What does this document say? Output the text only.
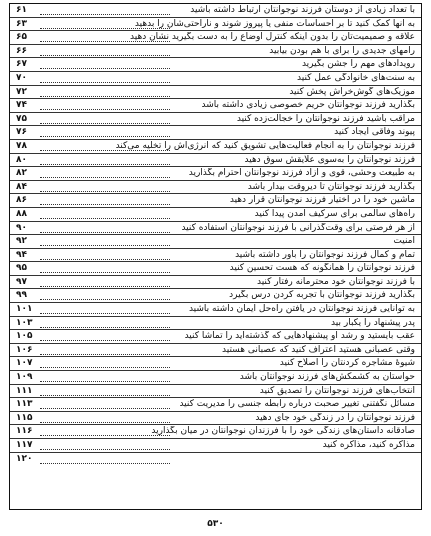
با تعداد زیادی از دوستان فرزند نوجوانتان ارتباط داشته باشید
۶۱
به آنها کمک کنید تا بر احساسات منفی یا پیروز شوند و ناراحتی‌شان را بدهید
۶۳
علاقه و صمیمیت‌تان را بدون اینکه کنترل اوضاع را به دست بگیرید نشان دهید
۶۵
رامهای جدیدی را برای با هم بودن بیابید
۶۶
رویدادهای مهم را جشن بگیرید
۶۷
به سنت‌های خانوادگی عمل کنید
۷۰
موزیک‌های گوش‌خراش پخش کنید
۷۲
بگذارید فرزند نوجوانتان حریم خصوصی زیادی داشته باشد
۷۴
مراقب باشید فرزند نوجوانتان را خجالت‌زده کنید
۷۵
پیوند وفاقی ایجاد کنید
۷۶
فرزند نوجوانتان را به انجام فعالیت‌هایی تشویق کنید که انرژی‌اش را تخلیه می‌کند
۷۸
فرزند نوجوانتان را به‌سوی علایقش سوق دهید
۸۰
به طبیعت وحشی، قوی و آزاد فرزند نوجوانتان احترام بگذارید
۸۲
بگذارید فرزند نوجوانتان تا دیروقت بیدار باشد
۸۴
ماشین خود را در اختیار فرزند نوجوانتان قرار دهید
۸۶
راه‌های سالمی برای سرکیف آمدن پیدا کنید
۸۸
از هر فرصتی برای وقت‌گذرانی با فرزند نوجوانتان استفاده کنید
۹۰
امنیت
۹۲
تمام و کمال فرزند نوجوانتان را باور داشته باشید
۹۴
فرزند نوجوانتان را همانگونه که هست تحسین کنید
۹۵
با فرزند نوجوانتان خود محترمانه رفتار کنید
۹۷
بگذارید فرزند نوجوانتان با تجربه کردن درس بگیرد
۹۹
به توانایی فرزند نوجوانتان در یافتن راه‌حل ایمان داشته باشید
۱۰۱
پدر پیشنهاد را یکبار بید
۱۰۳
عقب بایستید و رشد او پیشنهادهایی که گذشته‌اید را تماشا کنید
۱۰۵
وقتی عصبانی هستید اعتراف کنید که عصبانی هستید
۱۰۶
شیوهٔ مشاجره کردنتان را اصلاح کنید
۱۰۷
حواستان به کشمکش‌های فرزند نوجوانتان باشد
۱۰۹
انتخاب‌های فرزند نوجوانتان را تصدیق کنید
۱۱۱
مسائل نگفتنی تغییر صحبت درباره رابطه جنسی را مدیریت کنید
۱۱۳
فرزند نوجوانتان را در زندگی خود جای دهید
۱۱۵
صادقانه داستان‌های زندگی خود را با فرزندان نوجوانتان در میان بگذارید
۱۱۶
مذاکره کنید، مذاکره کنید
۱۱۷
۱۲۰
۵۳۰
